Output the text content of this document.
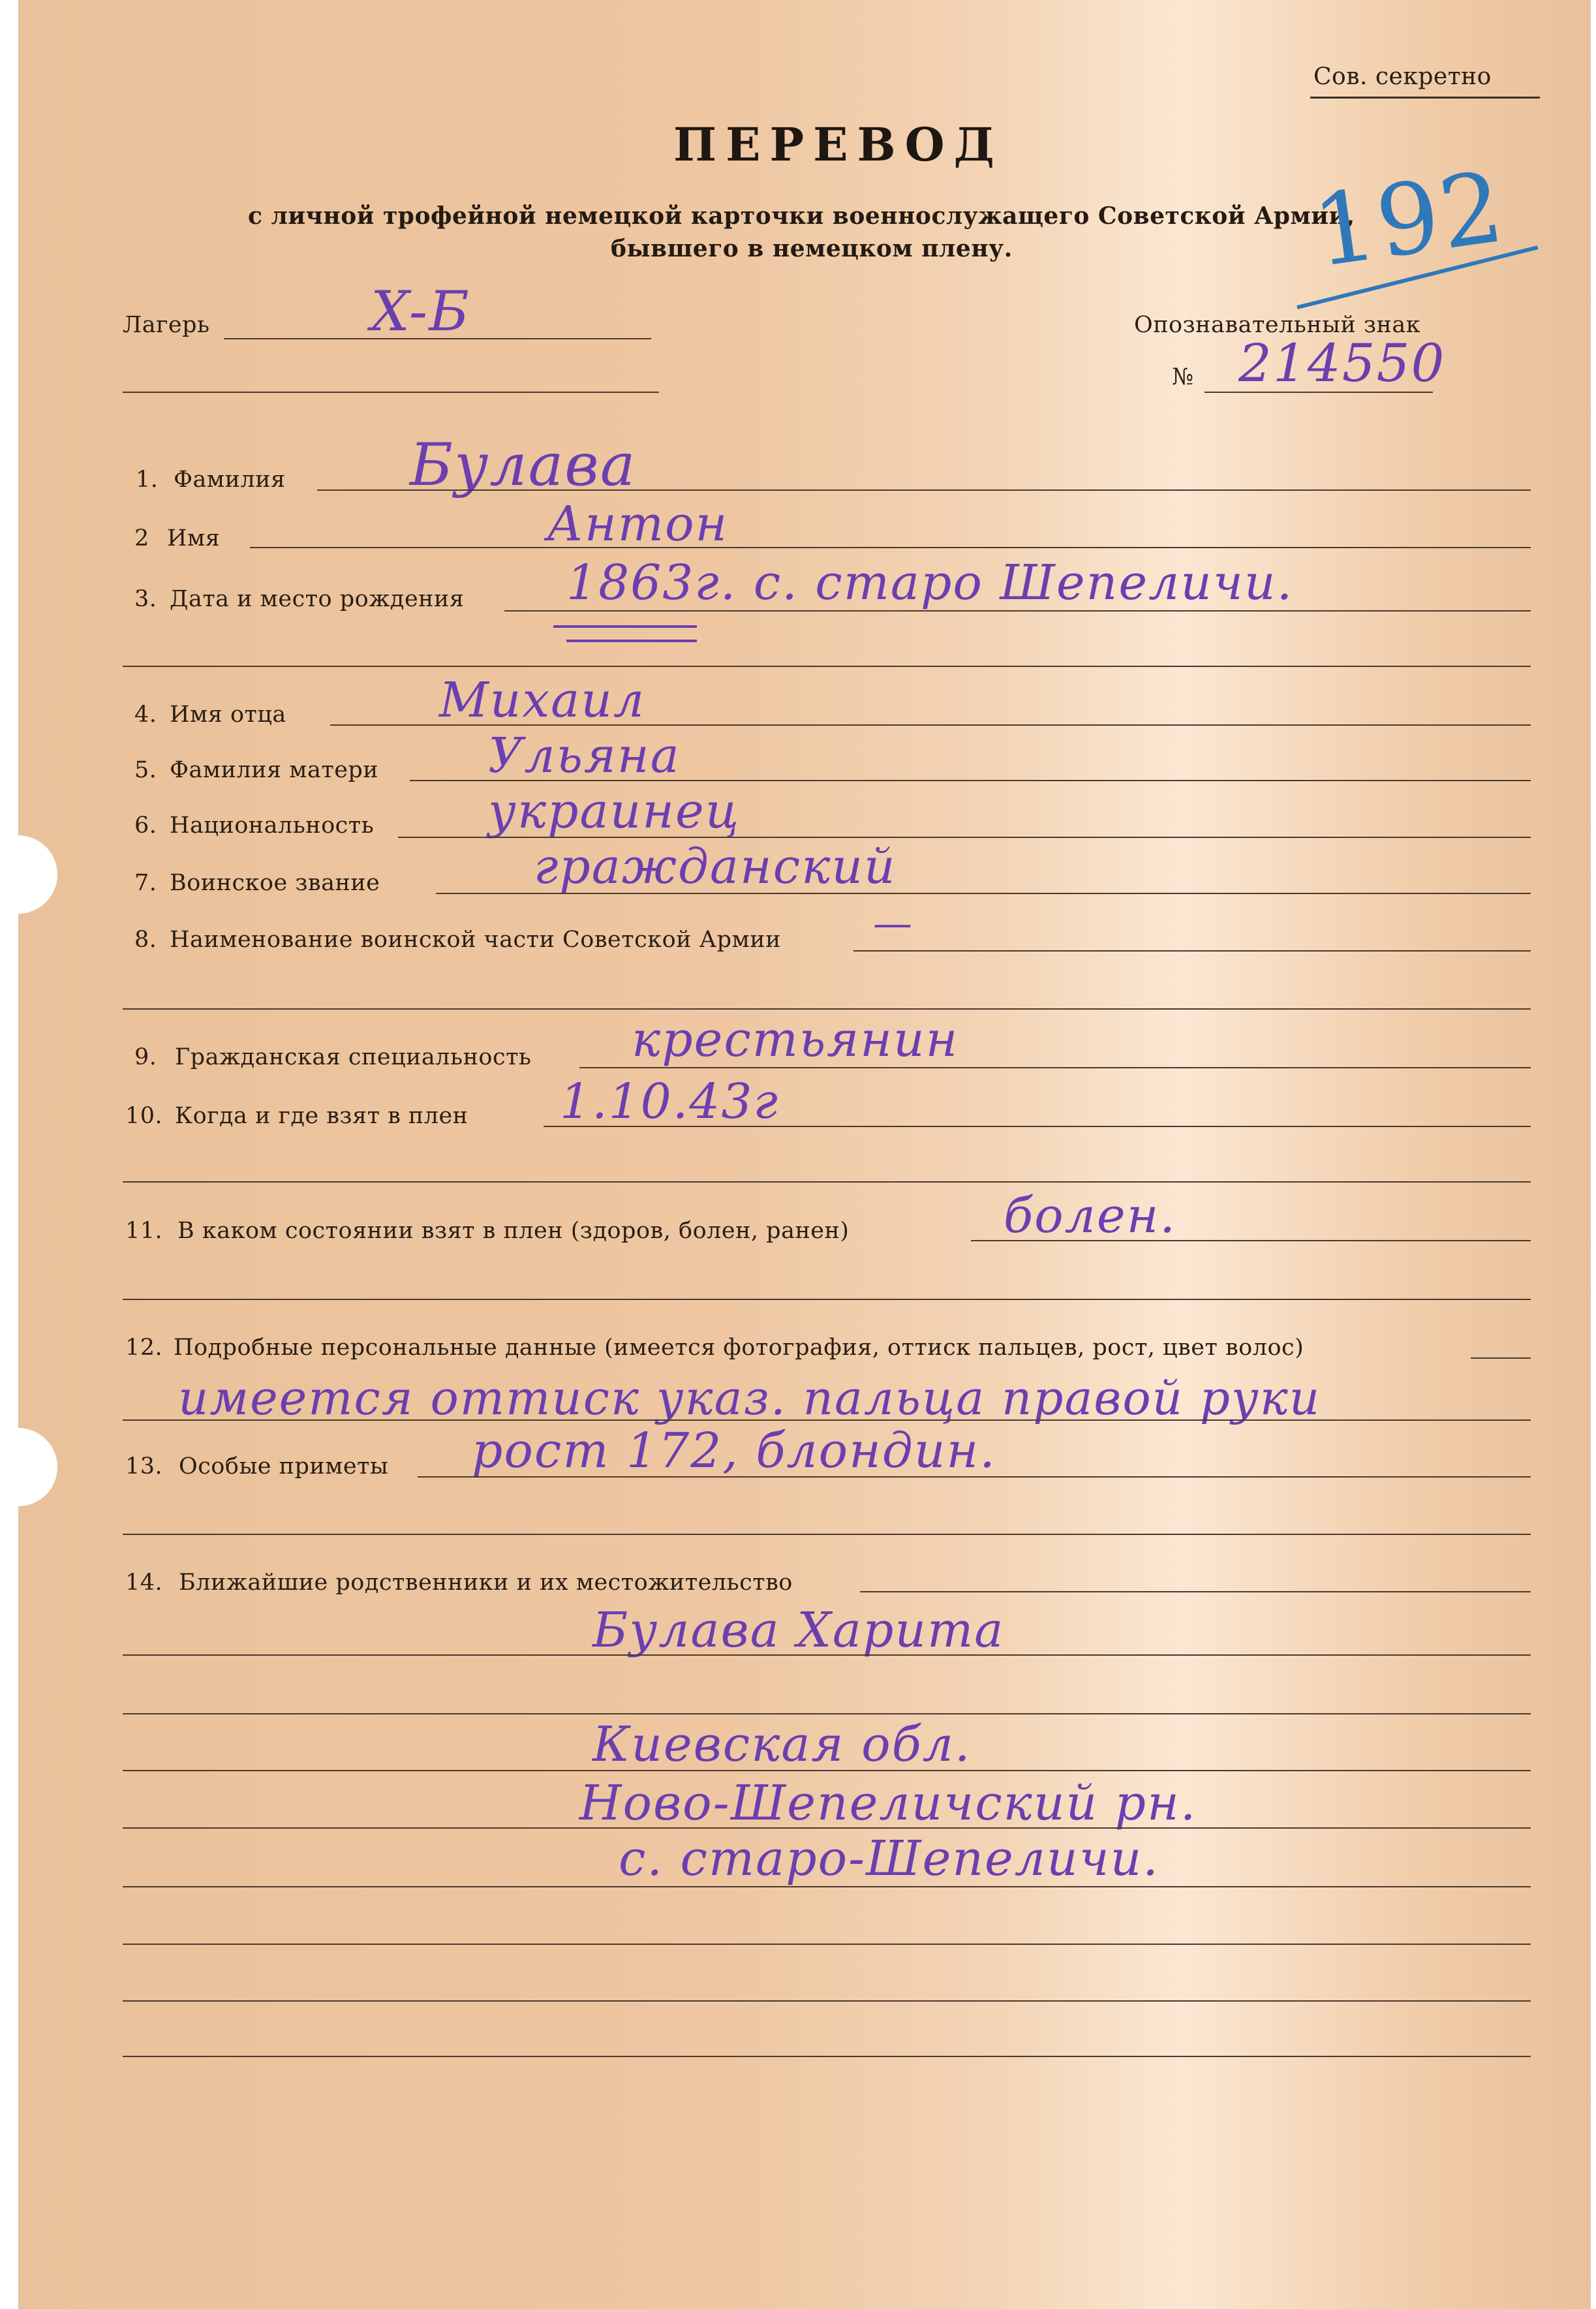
Сов. секретно
ПЕРЕВОД
с личной трофейной немецкой карточки военнослужащего Советской Армии,
бывшего в немецком плену.	192
Лагерь	X-Б	Опознавательный знак
№ 214550
1. Фамилия Булава
2 Имя	Антон
3. Дата и место рождения 1863г. с. старо Шепеличи.
4. Имя отца	Михаил
5. Фамилия матери Ульяна
6. Национальность украинец
7. Воинское звание	гражданский
8. Наименование воинской части Советской Армии —
9. Гражданская специальность крестьянин
10. Когда и где взят в плен 1.10.43г
11. В каком состоянии взят в плен (здоров, болен, ранен)	болен.
12. Подробные персональные данные (имеется фотография, оттиск пальцев, рост, цвет волос)
имеется оттиск указ. пальца правой руки
13. Особые приметы рост 172, блондин.
14. Ближайшие родственники и их местожительство
Булава Харита
Киевская обл.
Ново-Шепеличский рн.
с. старо-Шепеличи.
